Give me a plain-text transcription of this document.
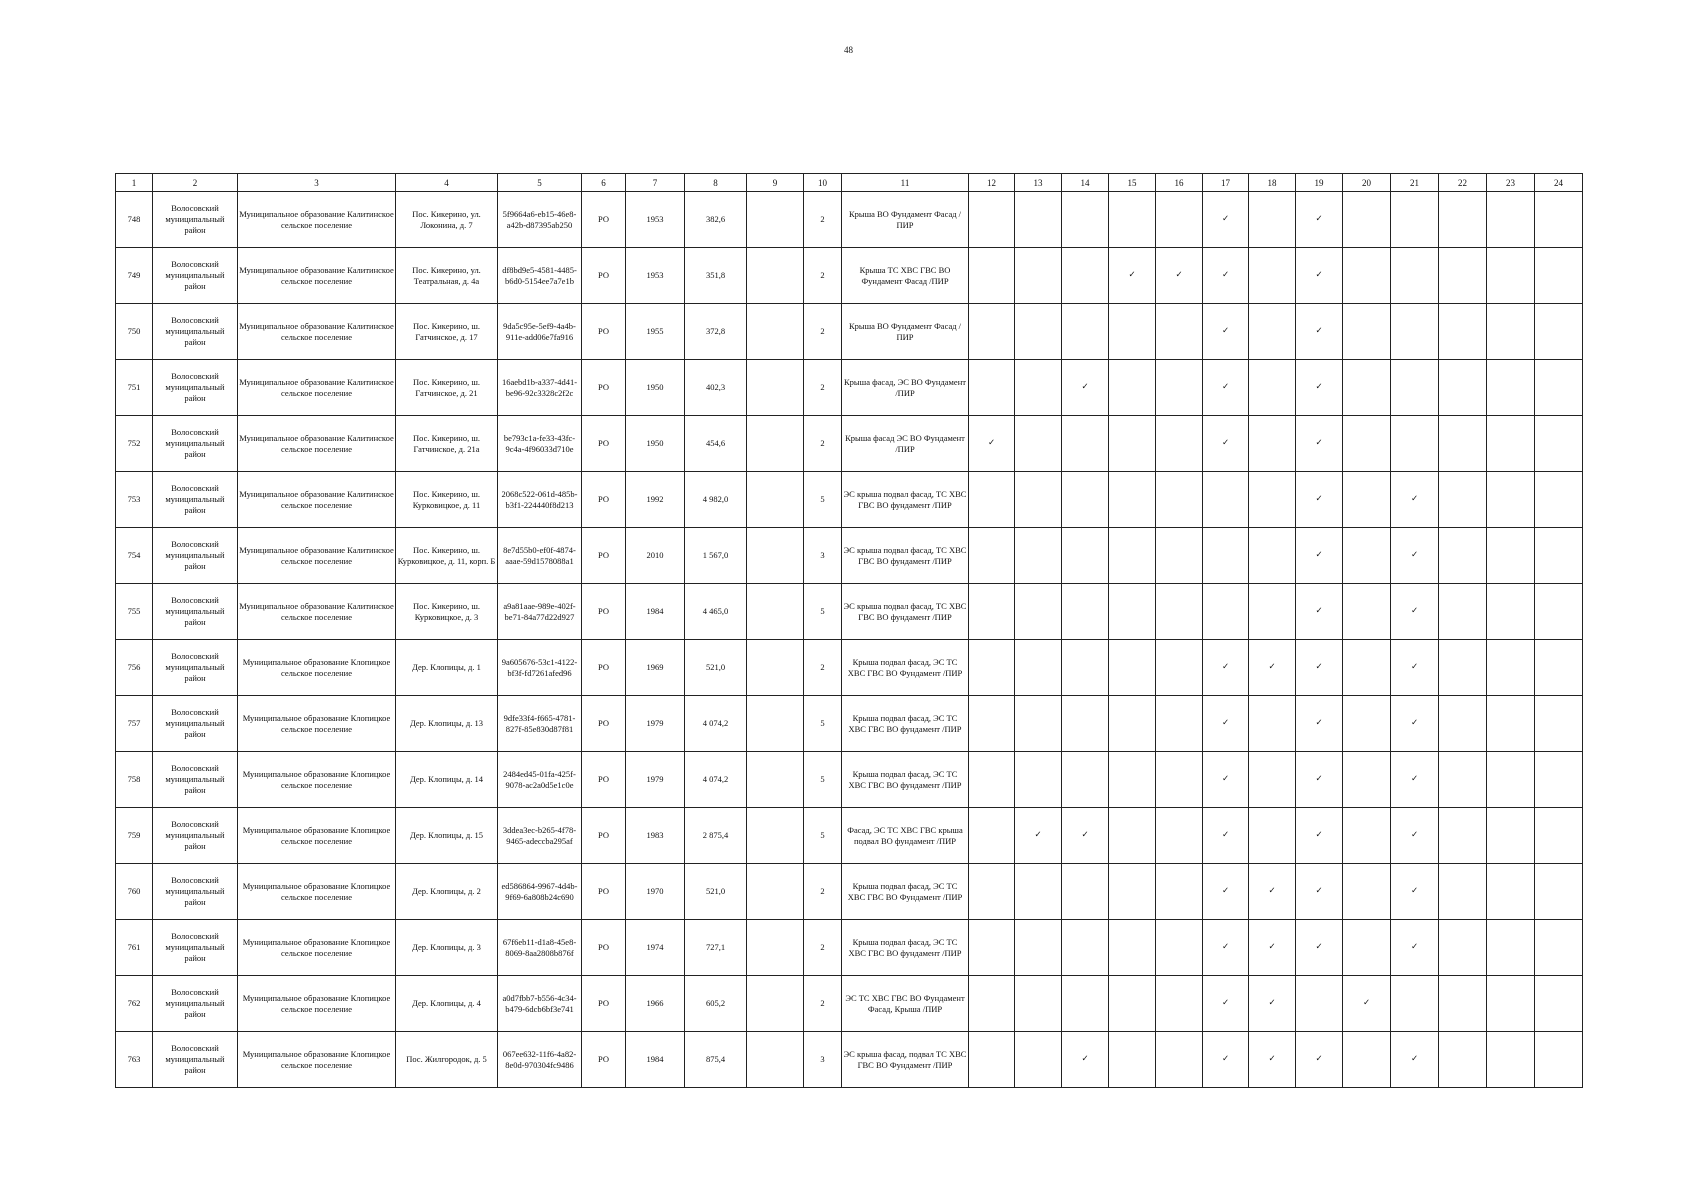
48
1	2	3	4	5	6	7	8	9	10	11	12	13	14	15	16	17	18	19	20	21	22	23	24
748	Волосовский муниципальный район	Муниципальное образование Калитинское сельское поселение	Пос. Кикерино, ул. Локонина, д. 7	5f9664a6-eb15-46e8-a42b-d87395ab250	РО	1953	382,6		2	Крыша ВО Фундамент Фасад /ПИР						✓		✓					
749	Волосовский муниципальный район	Муниципальное образование Калитинское сельское поселение	Пос. Кикерино, ул. Театральная, д. 4а	df8bd9e5-4581-4485-b6d0-5154ee7a7e1b	РО	1953	351,8		2	Крыша ТС ХВС ГВС ВО Фундамент Фасад /ПИР				✓	✓	✓		✓					
750	Волосовский муниципальный район	Муниципальное образование Калитинское сельское поселение	Пос. Кикерино, ш. Гатчинское, д. 17	9da5c95e-5ef9-4a4b-911e-add06e7fa916	РО	1955	372,8		2	Крыша ВО Фундамент Фасад /ПИР						✓		✓					
751	Волосовский муниципальный район	Муниципальное образование Калитинское сельское поселение	Пос. Кикерино, ш. Гатчинское, д. 21	16aebd1b-a337-4d41-be96-92c3328c2f2c	РО	1950	402,3		2	Крыша фасад, ЭС ВО Фундамент /ПИР			✓			✓		✓					
752	Волосовский муниципальный район	Муниципальное образование Калитинское сельское поселение	Пос. Кикерино, ш. Гатчинское, д. 21а	be793c1a-fe33-43fc-9c4a-4f96033d710e	РО	1950	454,6		2	Крыша фасад ЭС ВО Фундамент /ПИР	✓					✓		✓					
753	Волосовский муниципальный район	Муниципальное образование Калитинское сельское поселение	Пос. Кикерино, ш. Курковицкое, д. 11	2068c522-061d-485b-b3f1-224440f8d213	РО	1992	4 982,0		5	ЭС крыша подвал фасад, ТС ХВС ГВС ВО фундамент /ПИР								✓		✓			
754	Волосовский муниципальный район	Муниципальное образование Калитинское сельское поселение	Пос. Кикерино, ш. Курковицкое, д. 11, корп. Б	8e7d55b0-ef0f-4874-aaae-59d1578088a1	РО	2010	1 567,0		3	ЭС крыша подвал фасад, ТС ХВС ГВС ВО фундамент /ПИР								✓		✓			
755	Волосовский муниципальный район	Муниципальное образование Калитинское сельское поселение	Пос. Кикерино, ш. Курковицкое, д. 3	a9a81aae-989e-402f-be71-84a77d22d927	РО	1984	4 465,0		5	ЭС крыша подвал фасад, ТС ХВС ГВС ВО фундамент /ПИР								✓		✓			
756	Волосовский муниципальный район	Муниципальное образование Клопицкое сельское поселение	Дер. Клопицы, д. 1	9a605676-53c1-4122-bf3f-fd7261afed96	РО	1969	521,0		2	Крыша подвал фасад, ЭС ТС ХВС ГВС ВО Фундамент /ПИР						✓	✓	✓		✓			
757	Волосовский муниципальный район	Муниципальное образование Клопицкое сельское поселение	Дер. Клопицы, д. 13	9dfe33f4-f665-4781-827f-85e830d87f81	РО	1979	4 074,2		5	Крыша подвал фасад, ЭС ТС ХВС ГВС ВО фундамент /ПИР						✓		✓		✓			
758	Волосовский муниципальный район	Муниципальное образование Клопицкое сельское поселение	Дер. Клопицы, д. 14	2484ed45-01fa-425f-9078-ac2a0d5e1c0e	РО	1979	4 074,2		5	Крыша подвал фасад, ЭС ТС ХВС ГВС ВО фундамент /ПИР						✓		✓		✓			
759	Волосовский муниципальный район	Муниципальное образование Клопицкое сельское поселение	Дер. Клопицы, д. 15	3ddea3ec-b265-4f78-9465-adeccba295af	РО	1983	2 875,4		5	Фасад, ЭС ТС ХВС ГВС крыша подвал ВО фундамент /ПИР		✓	✓			✓		✓		✓			
760	Волосовский муниципальный район	Муниципальное образование Клопицкое сельское поселение	Дер. Клопицы, д. 2	ed586864-9967-4d4b-9f69-6a808b24c690	РО	1970	521,0		2	Крыша подвал фасад, ЭС ТС ХВС ГВС ВО Фундамент /ПИР						✓	✓	✓		✓			
761	Волосовский муниципальный район	Муниципальное образование Клопицкое сельское поселение	Дер. Клопицы, д. 3	67f6eb11-d1a8-45e8-8069-8aa2808b876f	РО	1974	727,1		2	Крыша подвал фасад, ЭС ТС ХВС ГВС ВО фундамент /ПИР						✓	✓	✓		✓			
762	Волосовский муниципальный район	Муниципальное образование Клопицкое сельское поселение	Дер. Клопицы, д. 4	a0d7fbb7-b556-4c34-b479-6dcb6bf3e741	РО	1966	605,2		2	ЭС ТС ХВС ГВС ВО Фундамент Фасад, Крыша /ПИР						✓	✓		✓				
763	Волосовский муниципальный район	Муниципальное образование Клопицкое сельское поселение	Пос. Жилгородок, д. 5	067ee632-11f6-4a82-8e0d-970304fc9486	РО	1984	875,4		3	ЭС крыша фасад, подвал ТС ХВС ГВС ВО Фундамент /ПИР			✓			✓	✓	✓		✓			
